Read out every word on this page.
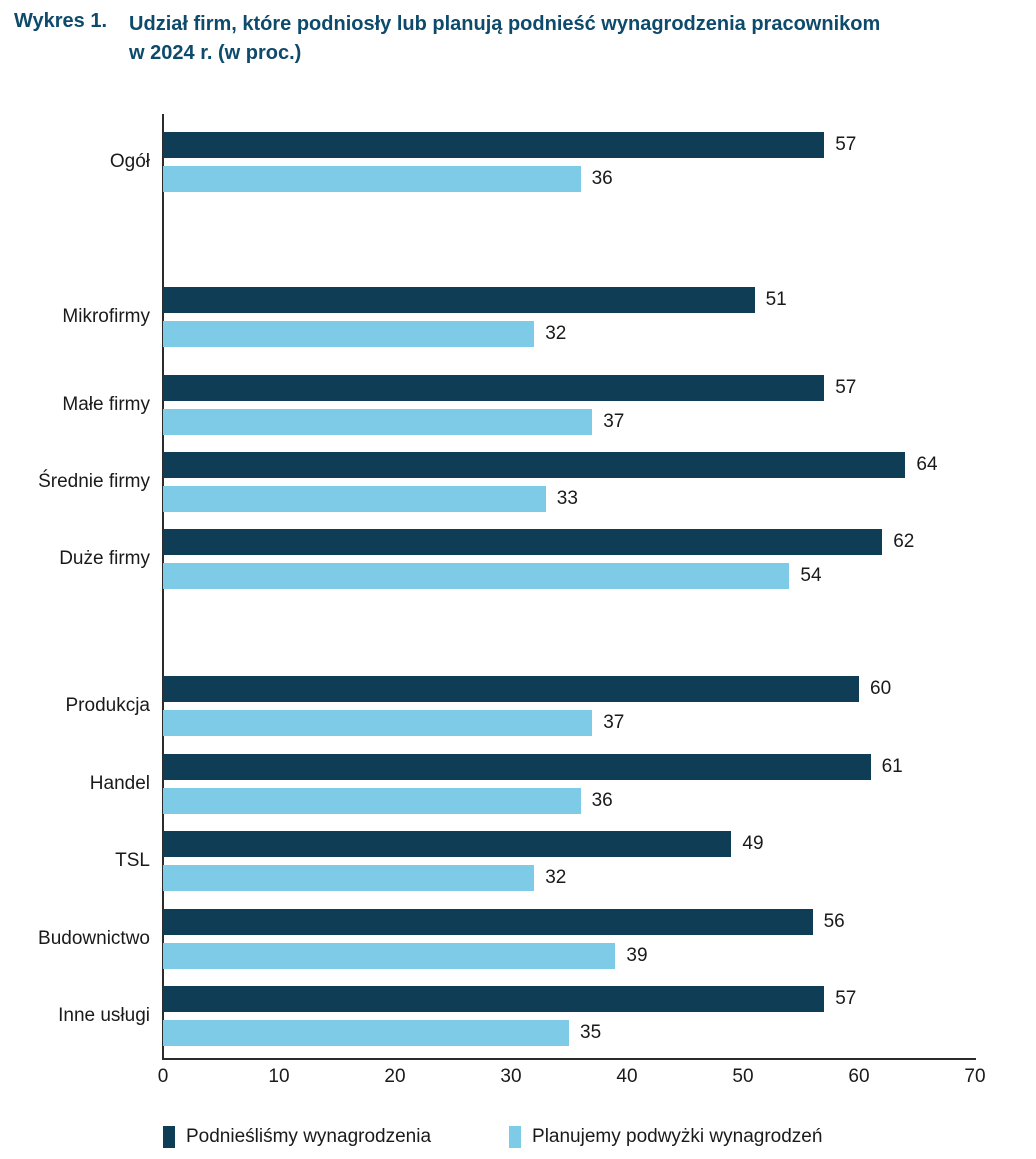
Wykres 1.	Udział firm, które podniosły lub planują podnieść wynagrodzenia pracownikom w 2024 r. (w proc.)
Ogół
Mikrofirmy
Małe firmy
Średnie firmy
Duże firmy
Produkcja
Handel
TSL
Budownictwo
Inne usługi
57
36
51
32
57
37
64
33
62
54
60
37
61
36
49
32
56
39
57
35
0	10	20	30	40	50	60	70
Podnieśliśmy wynagrodzenia	Planujemy podwyżki wynagrodzeń
